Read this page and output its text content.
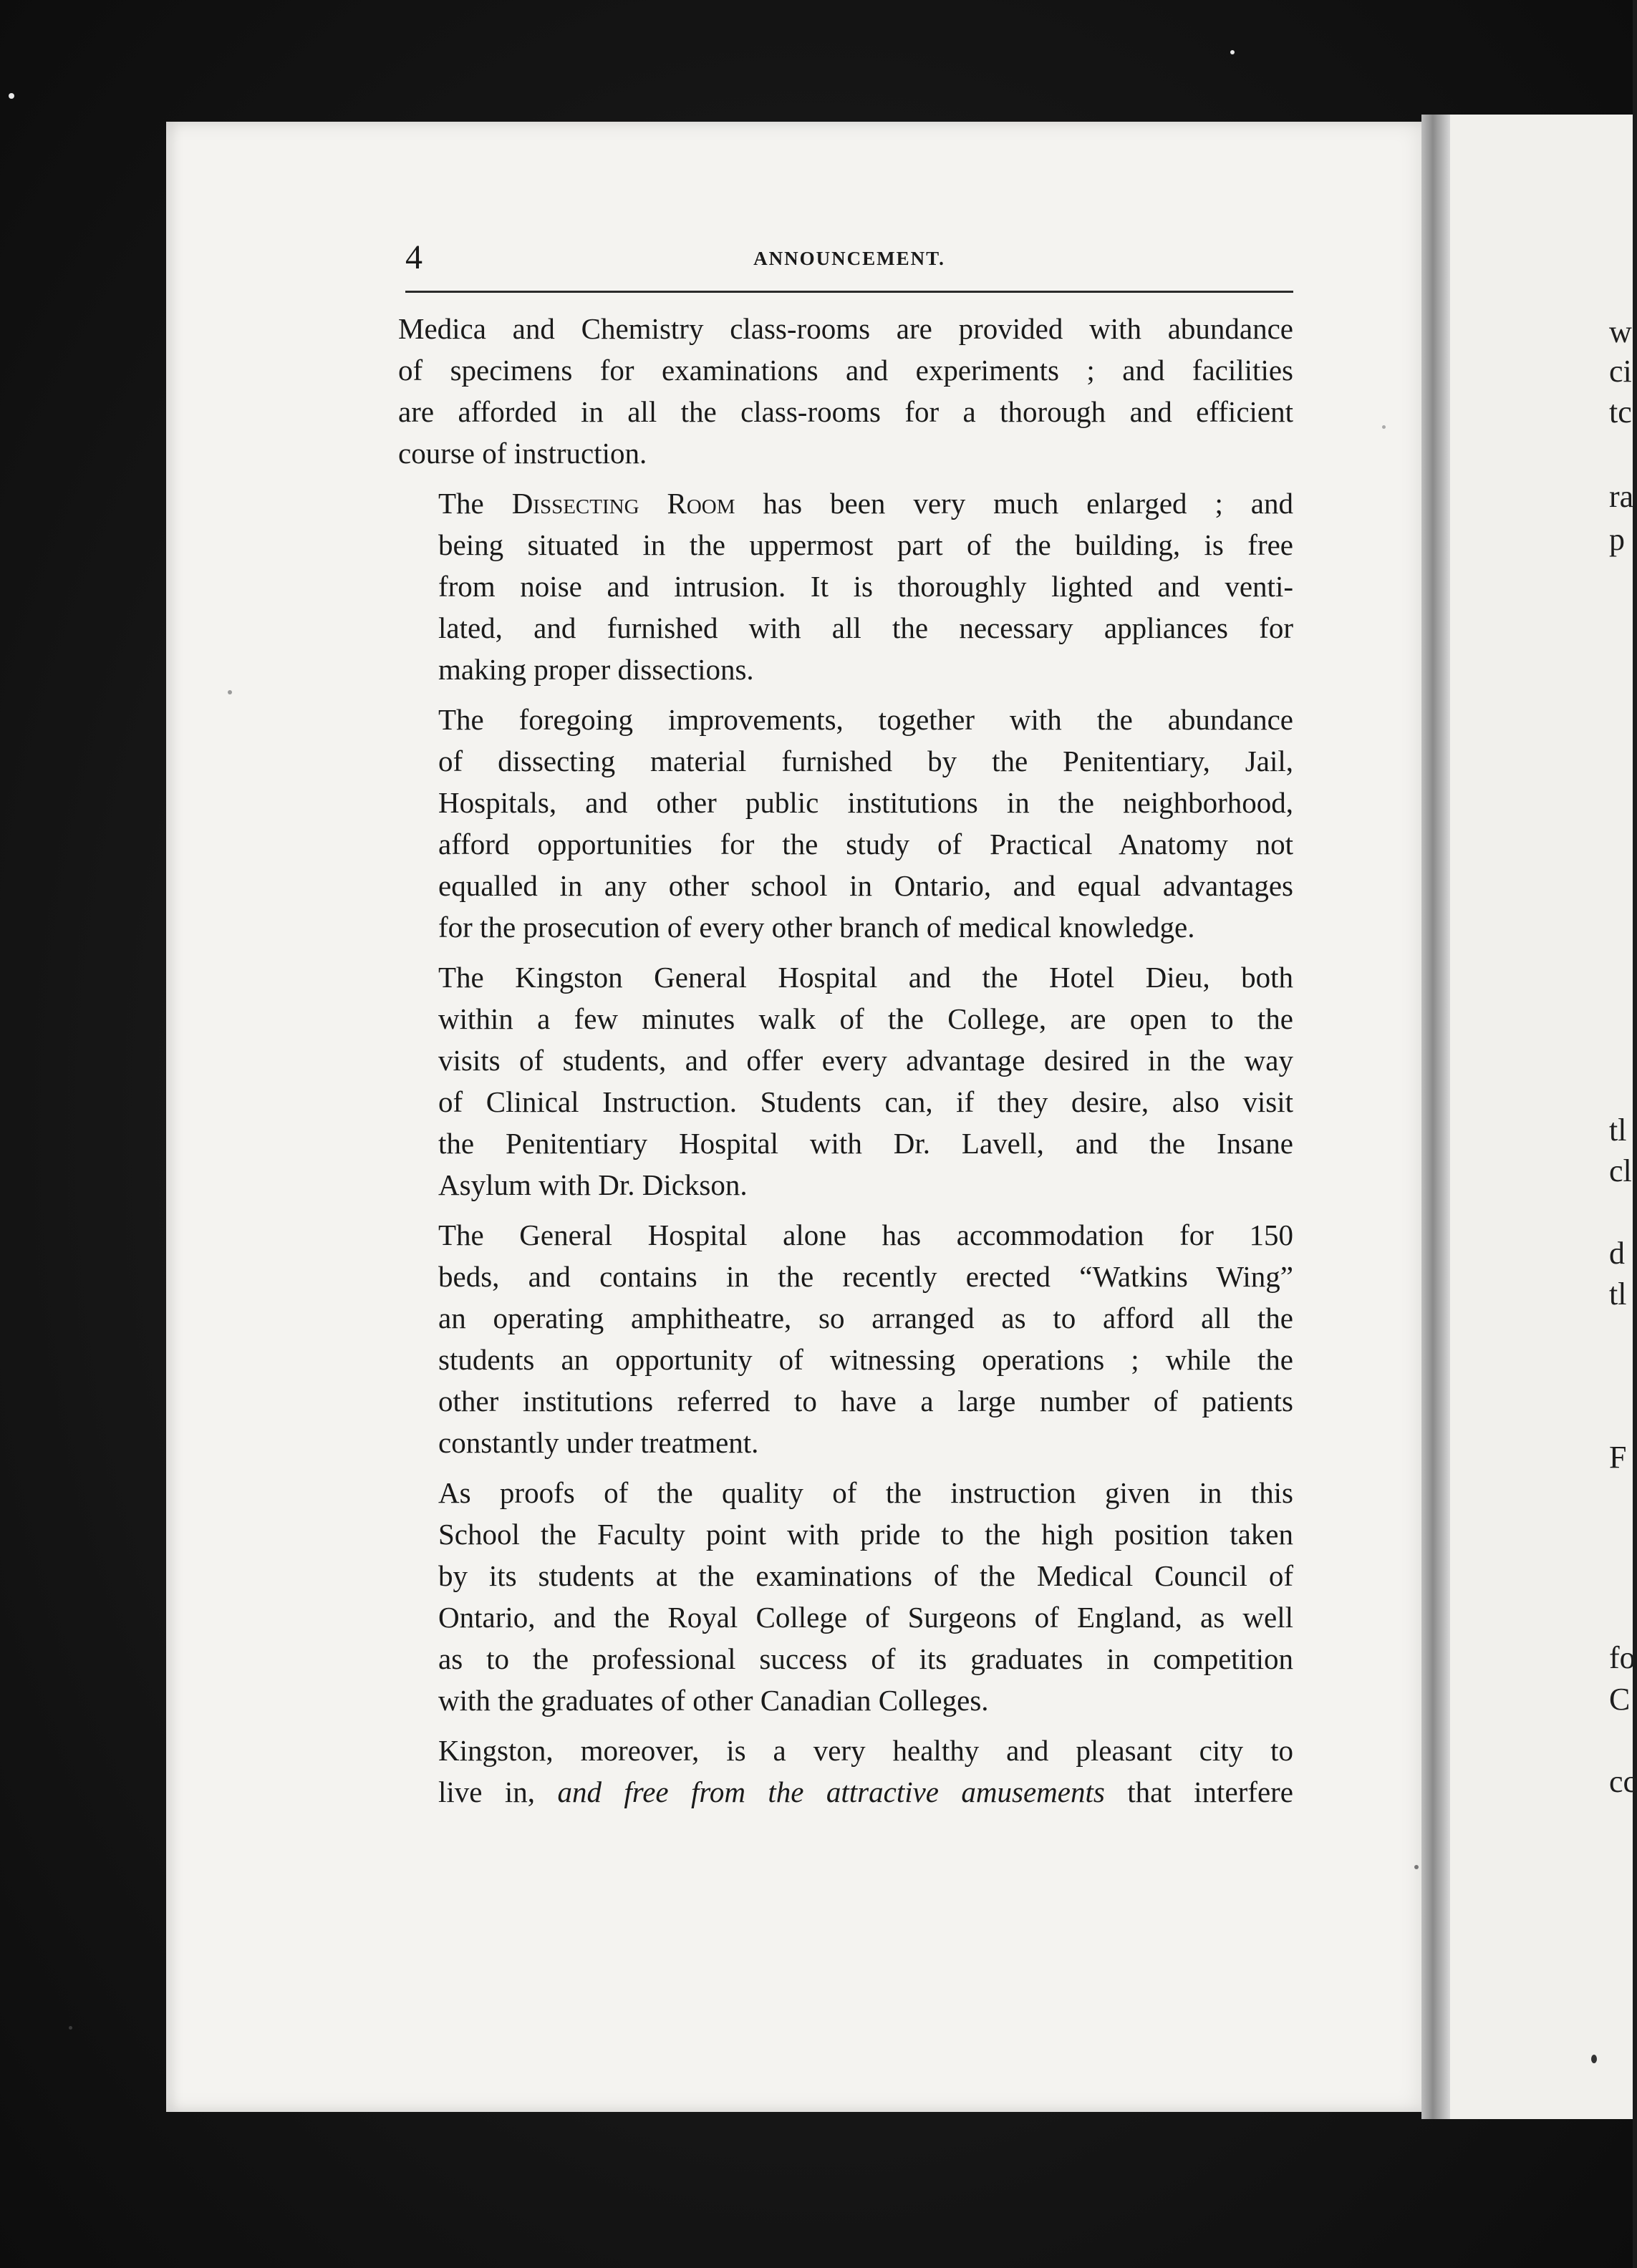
w
ci
tc
ra
p
tl
cl
d
tl
F
fo
C
cc
4	ANNOUNCEMENT.

Medica and Chemistry class-rooms are provided with abundance
of specimens for examinations and experiments ; and facilities
are afforded in all the class-rooms for a thorough and efficient
course of instruction.

The Dissecting Room has been very much enlarged ; and
being situated in the uppermost part of the building, is free
from noise and intrusion. It is thoroughly lighted and venti-
lated, and furnished with all the necessary appliances for
making proper dissections.

The foregoing improvements, together with the abundance
of dissecting material furnished by the Penitentiary, Jail,
Hospitals, and other public institutions in the neighborhood,
afford opportunities for the study of Practical Anatomy not
equalled in any other school in Ontario, and equal advantages
for the prosecution of every other branch of medical knowledge.

The Kingston General Hospital and the Hotel Dieu, both
within a few minutes walk of the College, are open to the
visits of students, and offer every advantage desired in the way
of Clinical Instruction. Students can, if they desire, also visit
the Penitentiary Hospital with Dr. Lavell, and the Insane
Asylum with Dr. Dickson.

The General Hospital alone has accommodation for 150
beds, and contains in the recently erected “Watkins Wing”
an operating amphitheatre, so arranged as to afford all the
students an opportunity of witnessing operations ; while the
other institutions referred to have a large number of patients
constantly under treatment.

As proofs of the quality of the instruction given in this
School the Faculty point with pride to the high position taken
by its students at the examinations of the Medical Council of
Ontario, and the Royal College of Surgeons of England, as well
as to the professional success of its graduates in competition
with the graduates of other Canadian Colleges.

Kingston, moreover, is a very healthy and pleasant city to
live in, and free from the attractive amusements that interfere
